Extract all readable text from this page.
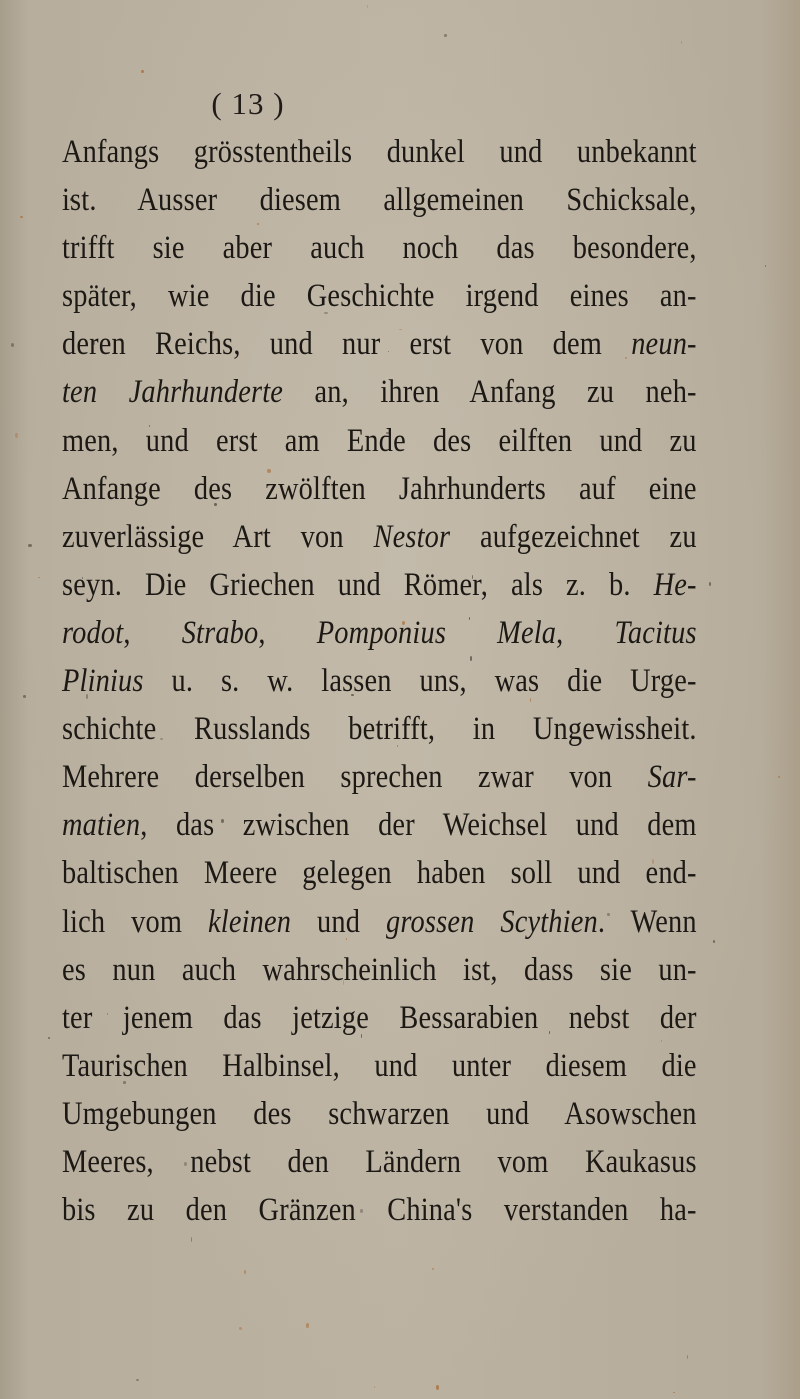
( 13 )
Anfangs grösstentheils dunkel und unbekannt
ist. Ausser diesem allgemeinen Schicksale,
trifft sie aber auch noch das besondere,
später, wie die Geschichte irgend eines an-
deren Reichs, und nur erst von dem neun-
ten Jahrhunderte an, ihren Anfang zu neh-
men, und erst am Ende des eilften und zu
Anfange des zwölften Jahrhunderts auf eine
zuverlässige Art von Nestor aufgezeichnet zu
seyn. Die Griechen und Römer, als z. b. He-
rodot, Strabo, Pomponius Mela, Tacitus
Plinius u. s. w. lassen uns, was die Urge-
schichte Russlands betrifft, in Ungewissheit.
Mehrere derselben sprechen zwar von Sar-
matien, das zwischen der Weichsel und dem
baltischen Meere gelegen haben soll und end-
lich vom kleinen und grossen Scythien. Wenn
es nun auch wahrscheinlich ist, dass sie un-
ter jenem das jetzige Bessarabien nebst der
Taurischen Halbinsel, und unter diesem die
Umgebungen des schwarzen und Asowschen
Meeres, nebst den Ländern vom Kaukasus
bis zu den Gränzen China's verstanden ha-
